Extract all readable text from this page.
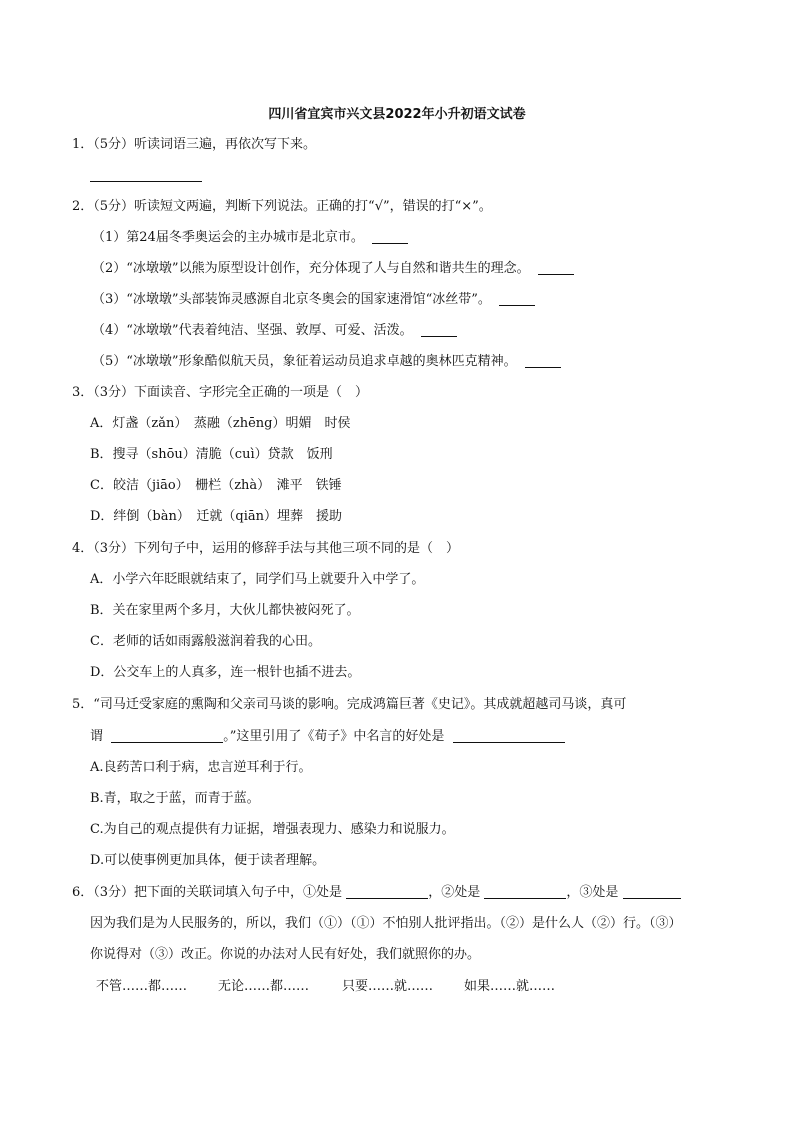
四川省宜宾市兴文县2022年小升初语文试卷
1．（5分）听读词语三遍，再依次写下来。
2．（5分）听读短文两遍，判断下列说法。正确的打“√”，错误的打“×”。
（1）第24届冬季奥运会的主办城市是北京市。
（2）“冰墩墩”以熊为原型设计创作，充分体现了人与自然和谐共生的理念。
（3）“冰墩墩”头部装饰灵感源自北京冬奥会的国家速滑馆“冰丝带”。
（4）“冰墩墩”代表着纯洁、坚强、敦厚、可爱、活泼。
（5）“冰墩墩”形象酷似航天员，象征着运动员追求卓越的奥林匹克精神。
3．（3分）下面读音、字形完全正确的一项是（　）
A．灯盏（zǎn）　蒸融（zhēng）明媚　时侯
B．搜寻（shōu）清脆（cuì）贷款　饭刑
C．皎洁（jiāo）　栅栏（zhà）　滩平　铁锤
D．绊倒（bàn）　迁就（qiān）埋葬　援助
4．（3分）下列句子中，运用的修辞手法与其他三项不同的是（　）
A．小学六年眨眼就结束了，同学们马上就要升入中学了。
B．关在家里两个多月，大伙儿都快被闷死了。
C．老师的话如雨露般滋润着我的心田。
D．公交车上的人真多，连一根针也插不进去。
5．“司马迁受家庭的熏陶和父亲司马谈的影响。完成鸿篇巨著《史记》。其成就超越司马谈，真可
谓	。”这里引用了《荀子》中名言的好处是
A.良药苦口利于病，忠言逆耳利于行。
B.青，取之于蓝，而青于蓝。
C.为自己的观点提供有力证据，增强表现力、感染力和说服力。
D.可以使事例更加具体，便于读者理解。
6．（3分）把下面的关联词填入句子中，①处是	，②处是	，③处是
因为我们是为人民服务的，所以，我们（①）（①）不怕别人批评指出。（②）是什么人（②）行。（③）
你说得对（③）改正。你说的办法对人民有好处，我们就照你的办。
不管……都…… 无论……都……	只要……就…… 如果……就……
